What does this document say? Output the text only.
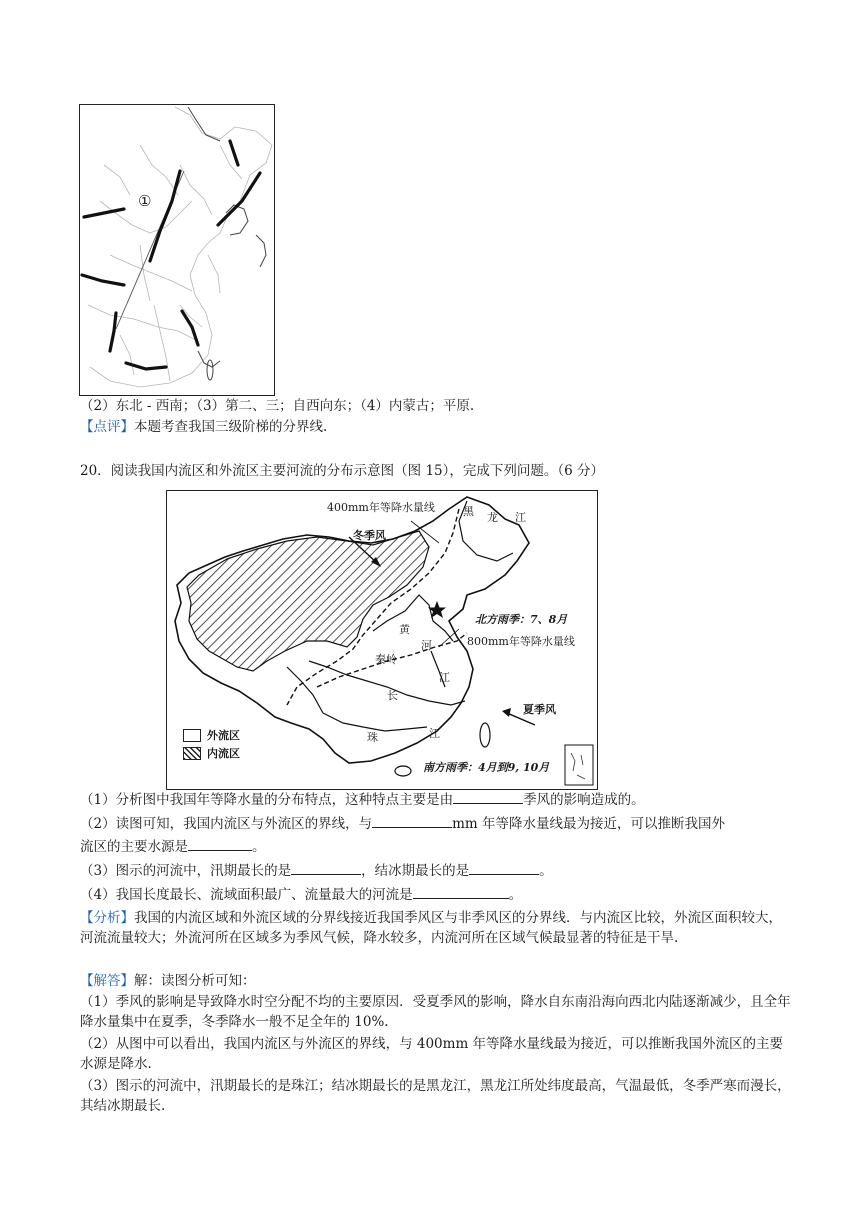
①
（2）东北 - 西南；（3）第二、三；自西向东；（4）内蒙古；平原.
【点评】本题考查我国三级阶梯的分界线.
20．阅读我国内流区和外流区主要河流的分布示意图（图 15），完成下列问题。（6 分）
400mm年等降水量线	黑 龙 江
冬季风
北方雨季：7、8月
黄
河	800mm年等降水量线
秦岭
长
江
夏季风
珠	江
南方雨季：4月到9, 10月
外流区
内流区
（1）分析图中我国年等降水量的分布特点，这种特点主要是由	季风的影响造成的。
（2）读图可知，我国内流区与外流区的界线，与	mm 年等降水量线最为接近，可以推断我国外
流区的主要水源是	。
（3）图示的河流中，汛期最长的是	，结冰期最长的是	。
（4）我国长度最长、流域面积最广、流量最大的河流是	。
【分析】我国的内流区域和外流区域的分界线接近我国季风区与非季风区的分界线．与内流区比较，外流区面积较大，河流流量较大；外流河所在区域多为季风气候，降水较多，内流河所在区域气候最显著的特征是干旱.
【解答】解：读图分析可知：
（1）季风的影响是导致降水时空分配不均的主要原因．受夏季风的影响，降水自东南沿海向西北内陆逐渐减少，且全年降水量集中在夏季，冬季降水一般不足全年的 10%.
（2）从图中可以看出，我国内流区与外流区的界线，与 400mm 年等降水量线最为接近，可以推断我国外流区的主要水源是降水.
（3）图示的河流中，汛期最长的是珠江；结冰期最长的是黑龙江，黑龙江所处纬度最高，气温最低，冬季严寒而漫长，其结冰期最长.
